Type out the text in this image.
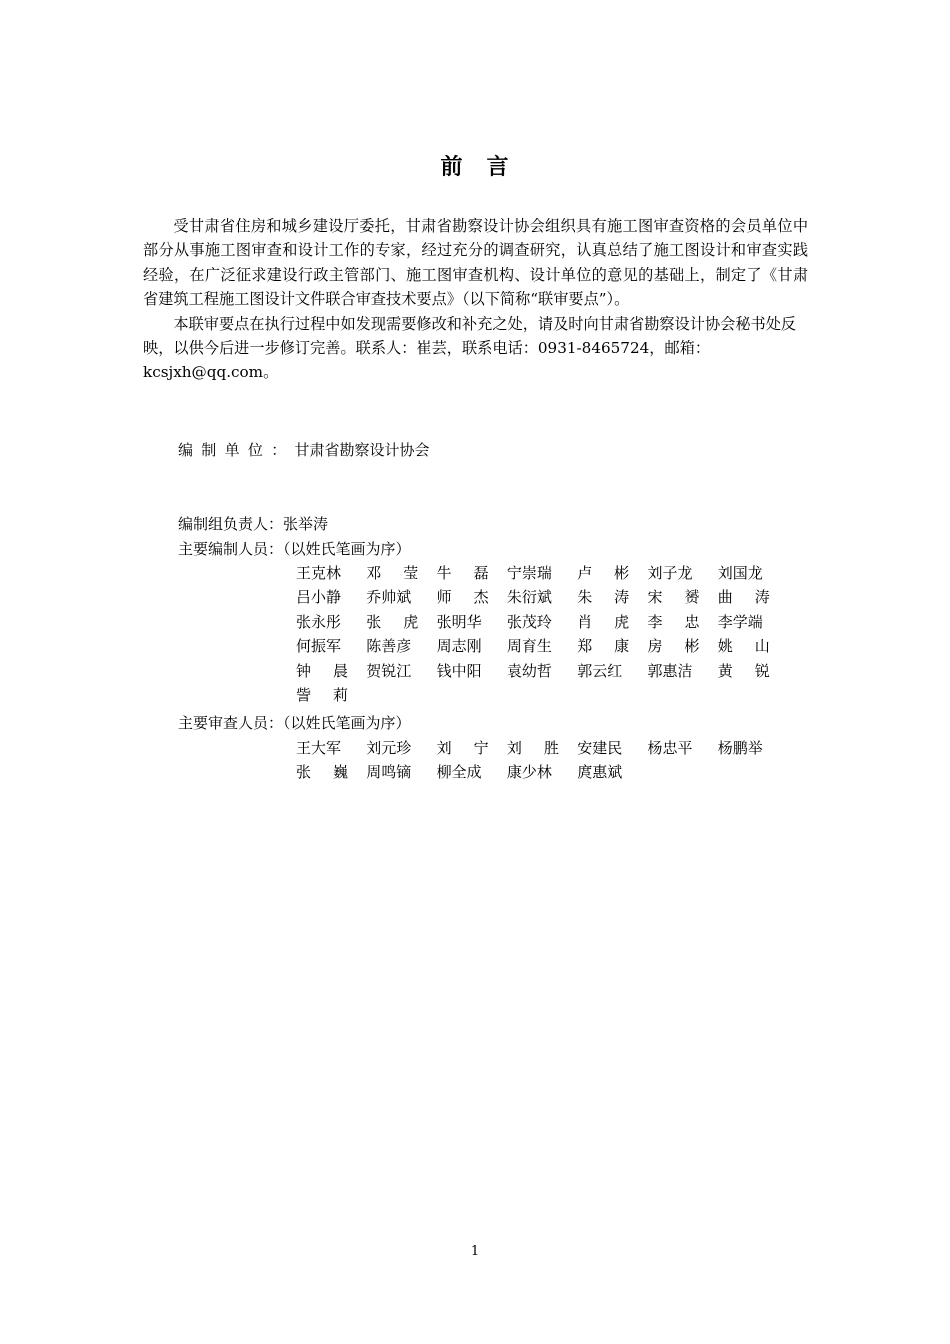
前　言

受甘肃省住房和城乡建设厅委托，甘肃省勘察设计协会组织具有施工图审查资格的会员单位中部分从事施工图审查和设计工作的专家，经过充分的调查研究，认真总结了施工图设计和审查实践经验，在广泛征求建设行政主管部门、施工图审查机构、设计单位的意见的基础上，制定了《甘肃省建筑工程施工图设计文件联合审查技术要点》（以下简称“联审要点”）。

本联审要点在执行过程中如发现需要修改和补充之处，请及时向甘肃省勘察设计协会秘书处反映，以供今后进一步修订完善。联系人：崔芸，联系电话：0931-8465724，邮箱：kcsjxh@qq.com。

编制单位：甘肃省勘察设计协会
编制组负责人：张举涛
主要编制人员：（以姓氏笔画为序）
王克林	邓 莹 牛 磊 宁崇瑞	卢 彬 刘子龙	刘国龙
吕小静	乔帅斌	师 杰 朱衍斌	朱 涛 宋 赟 曲 涛
张永彤	张 虎 张明华	张茂玲	肖 虎 李 忠 李学端
何振军	陈善彦	周志刚	周育生	郑 康 房 彬 姚 山
钟 晨 贺锐江	钱中阳	袁幼哲	郭云红	郭惠洁	黄 锐
訾 莉
主要审查人员：（以姓氏笔画为序）
王大军	刘元珍	刘 宁 刘 胜 安建民	杨忠平	杨鹏举
张 巍 周鸣镝	柳全成	康少林	庹惠斌
1
